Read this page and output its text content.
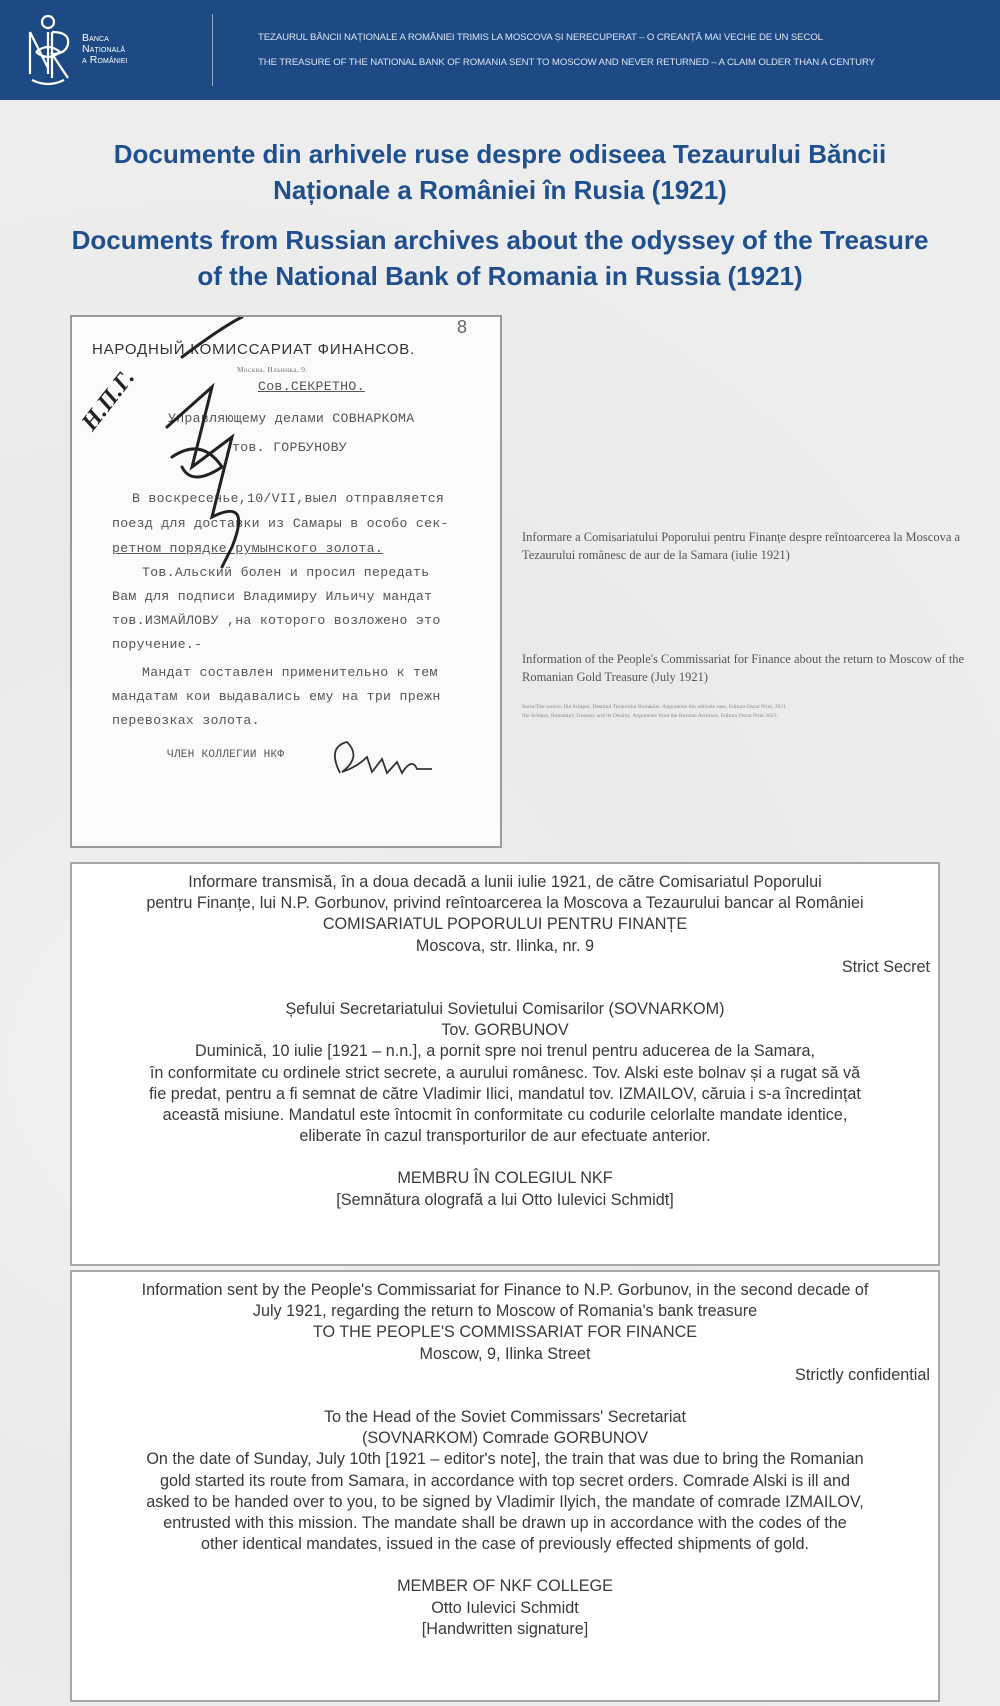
Banca
Națională
a României
TEZAURUL BĂNCII NAȚIONALE A ROMÂNIEI TRIMIS LA MOSCOVA ȘI NERECUPERAT – O CREANȚĂ MAI VECHE DE UN SECOL
THE TREASURE OF THE NATIONAL BANK OF ROMANIA SENT TO MOSCOW AND NEVER RETURNED – A CLAIM OLDER THAN A CENTURY
Documente din arhivele ruse despre odiseea Tezaurului Băncii
Naționale a României în Rusia (1921)
Documents from Russian archives about the odyssey of the Treasure
of the National Bank of Romania in Russia (1921)
8
НАРОДНЫЙ КОМИССАРИАТ ФИНАНСОВ.
Москва, Ильинка, 9.
Сов.СЕКРЕТНО.
Управляющему делами СОВНАРКОМА
тов. ГОРБУНОВУ
В воскресенье,10/VII,выел отправляется
поезд для доставки из Самары в особо сек-
ретном порядке румынского золота.
Тов.Альский болен и просил передать
Вам для подписи Владимиру Ильичу мандат
тов.ИЗМАЙЛОВУ ,на которого возложено это
поручение.-
Мандат составлен применительно к тем
мандатам кои выдавались ему на три прежн
перевозках золота.
ЧЛЕН КОЛЛЕГИИ НКФ
Н.П.Г.
Informare a Comisariatului Poporului pentru Finanțe despre reîntoarcerea la Moscova a Tezaurului românesc de aur de la Samara (iulie 1921)
Information of the People's Commissariat for Finance about the return to Moscow of the Romanian Gold Treasure (July 1921)
Sursa/The source: Ilie Schipor, Destinul Tezaurului României. Argumente din arhivele ruse, Editura Oscar Print, 2021
Ilie Schipor, Romania's Treasury and its Destiny. Arguments from the Russian Archives, Editura Oscar Print 2023

Informare transmisă, în a doua decadă a lunii iulie 1921, de către Comisariatul Poporului

pentru Finanțe, lui N.P. Gorbunov, privind reîntoarcerea la Moscova a Tezaurului bancar al României

COMISARIATUL POPORULUI PENTRU FINANȚE

Moscova, str. Ilinka, nr. 9

Strict Secret

Șefului Secretariatului Sovietului Comisarilor (SOVNARKOM)

Tov. GORBUNOV

Duminică, 10 iulie [1921 – n.n.], a pornit spre noi trenul pentru aducerea de la Samara,

în conformitate cu ordinele strict secrete, a aurului românesc. Tov. Alski este bolnav și a rugat să vă

fie predat, pentru a fi semnat de către Vladimir Ilici, mandatul tov. IZMAILOV, căruia i s-a încredințat

această misiune. Mandatul este întocmit în conformitate cu codurile celorlalte mandate identice,

eliberate în cazul transporturilor de aur efectuate anterior.

MEMBRU ÎN COLEGIUL NKF

[Semnătura olografă a lui Otto Iulevici Schmidt]

Information sent by the People's Commissariat for Finance to N.P. Gorbunov, in the second decade of

July 1921, regarding the return to Moscow of Romania's bank treasure

TO THE PEOPLE'S COMMISSARIAT FOR FINANCE

Moscow, 9, Ilinka Street

Strictly confidential

To the Head of the Soviet Commissars' Secretariat

(SOVNARKOM) Comrade GORBUNOV

On the date of Sunday, July 10th [1921 – editor's note], the train that was due to bring the Romanian

gold started its route from Samara, in accordance with top secret orders. Comrade Alski is ill and

asked to be handed over to you, to be signed by Vladimir Ilyich, the mandate of comrade IZMAILOV,

entrusted with this mission. The mandate shall be drawn up in accordance with the codes of the

other identical mandates, issued in the case of previously effected shipments of gold.

MEMBER OF NKF COLLEGE

Otto Iulevici Schmidt

[Handwritten signature]
